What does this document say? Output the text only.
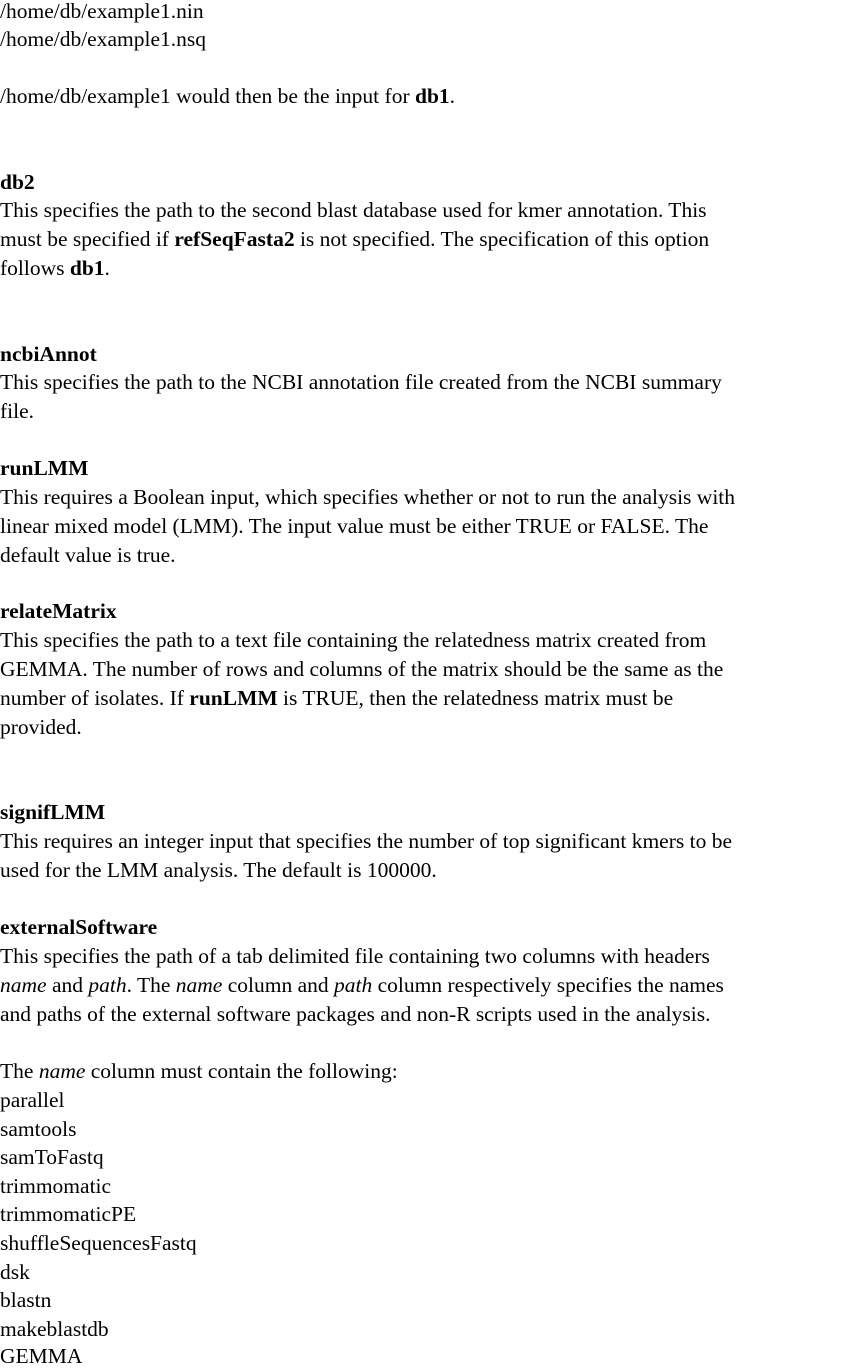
/home/db/example1.nin
/home/db/example1.nsq
/home/db/example1 would then be the input for db1.
db2
This specifies the path to the second blast database used for kmer annotation. This
must be specified if refSeqFasta2 is not specified. The specification of this option
follows db1.
ncbiAnnot
This specifies the path to the NCBI annotation file created from the NCBI summary
file.
runLMM
This requires a Boolean input, which specifies whether or not to run the analysis with
linear mixed model (LMM). The input value must be either TRUE or FALSE. The
default value is true.
relateMatrix
This specifies the path to a text file containing the relatedness matrix created from
GEMMA. The number of rows and columns of the matrix should be the same as the
number of isolates. If runLMM is TRUE, then the relatedness matrix must be
provided.
signifLMM
This requires an integer input that specifies the number of top significant kmers to be
used for the LMM analysis. The default is 100000.
externalSoftware
This specifies the path of a tab delimited file containing two columns with headers
name and path. The name column and path column respectively specifies the names
and paths of the external software packages and non-R scripts used in the analysis.
The name column must contain the following:
parallel
samtools
samToFastq
trimmomatic
trimmomaticPE
shuffleSequencesFastq
dsk
blastn
makeblastdb
GEMMA
